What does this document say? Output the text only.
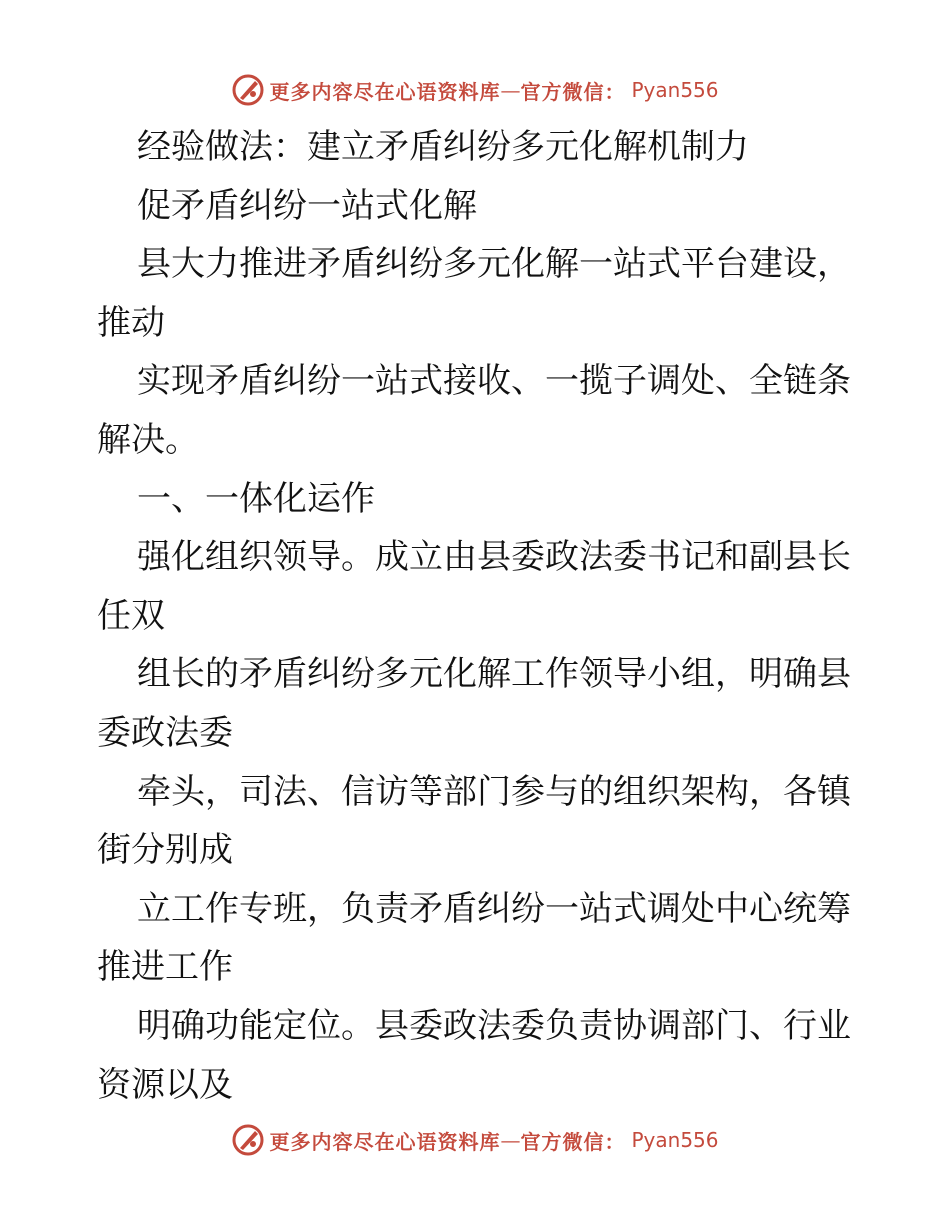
更多内容尽在心语资料库 — 官方微信： Pyan556
经验做法：建立矛盾纠纷多元化解机制力
促矛盾纠纷一站式化解
县大力推进矛盾纠纷多元化解一站式平台建设，
推动
实现矛盾纠纷一站式接收、一揽子调处、全链条
解决。
一、一体化运作
强化组织领导。成立由县委政法委书记和副县长
任双
组长的矛盾纠纷多元化解工作领导小组，明确县
委政法委
牵头，司法、信访等部门参与的组织架构，各镇
街分别成
立工作专班，负责矛盾纠纷一站式调处中心统筹
推进工作
明确功能定位。县委政法委负责协调部门、行业
资源以及
更多内容尽在心语资料库 — 官方微信： Pyan556
